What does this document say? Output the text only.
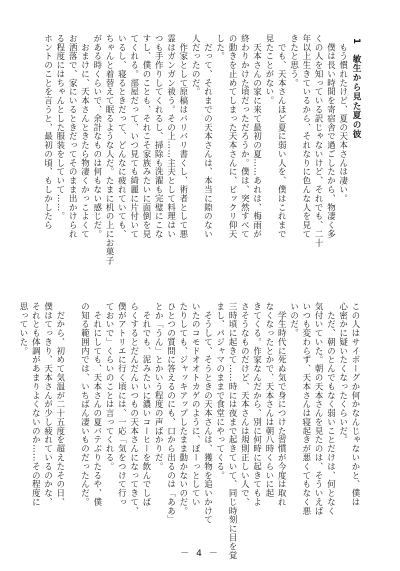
1　敏生から見た夏の彼

　もう慣れたけど、夏の天本さんは凄い。
　僕は長い時間を寄宿舎で過ごしたから、物凄く多
くの人を知っている訳じゃないけど、それでも、二十
年以上生きているから、それなりに色んな人を見て
きたと思う。
　でも、天本さんほど夏に弱い人を、僕はこれまで
見たことがない。
　天本さんの家に来て最初の夏……あれは、梅雨が
終わりかけた頃だっただろうか。僕は、突然すべて
の動きを止めてしまった天本さんに、ビックリ仰天
した。
　だって、それまでの天本さんは、本当に隙のない
人だったのだ。
　作家として原稿はバリバリ書くし、術者として悪
霊はガンガン祓う。その上……主夫として料理はい
つも手作りしてくれるし、掃除も洗濯も完璧にこな
すし、僕のことも、それこそ家族みたいに面倒を見
てくれる。部屋だって、いつ見ても綺麗に片付いて
いるし、寝るときだって、どんなに疲れていても、
ちゃんと着替えて眠るような人だ。たまに机の上にお菓子
がある時くらいで、余計なものは何もない感じだ。
　おまけに、天本さんときたら物凄くかっこよくて
お洒落で、家にいるときだってそのまま出かけられ
る程度にはちゃんとした服装をしていて……。
ホントのことを言うと、最初の頃、もしかしたら
この人はサイボーグか何かなんじゃないかと、僕は
心密かに疑いたくなったくらいだ。
　ただ、朝のとんでもなく弱いことだけは、何となく
気付いていた。朝の天本さんを見たのは、そういえば
いつも変わらず、天本さんは寝起きが悪くてもなく悪
いのだ。
　学生時代に死ぬ気で身につけた習慣が今度は取れ
なくなったとかで、天本さんは朝八時くらいに起
きてくる。作家なんだから、別に何時に起きてもよ
さそうなものだけど、天本さんは規則正しい人で、
三時頃に起きて……時には夜まで起きていて、同じ時刻に目を覚
まし、パジャマのままで食堂にやってくる。
　そうして、そうときの天本さんは、獲物を追いかけて
いたのコモドオオトカゲのように、ぼーっとしてい
たりしても、ジャッキアップしたまま動かないのだ。
ひとつの質問に答えるのにも、口から出るのは「ああ」
とか「うん」とかいう程度の声ばかりだ。
　それでも、泥みたいに濃いコーヒーを飲んでしば
らくするとだんだんいつもの天本さんになってきて、
僕がアトリエに行く頃には、一応「気をつけて行っ
ておいで」くらいのことは言ってくれる。
　それにしても、天本さんの夏バテぶりたるや、僕
の知る範囲内では、いちばん凄いものだったんだ。

　だから、初めて気温が二十五度を超えたその日、
僕はてっきり、天本さんが少し疲れているのかな、
それとも体調があまりよくないのか……その程度に
思っていた。
－ 4 －
